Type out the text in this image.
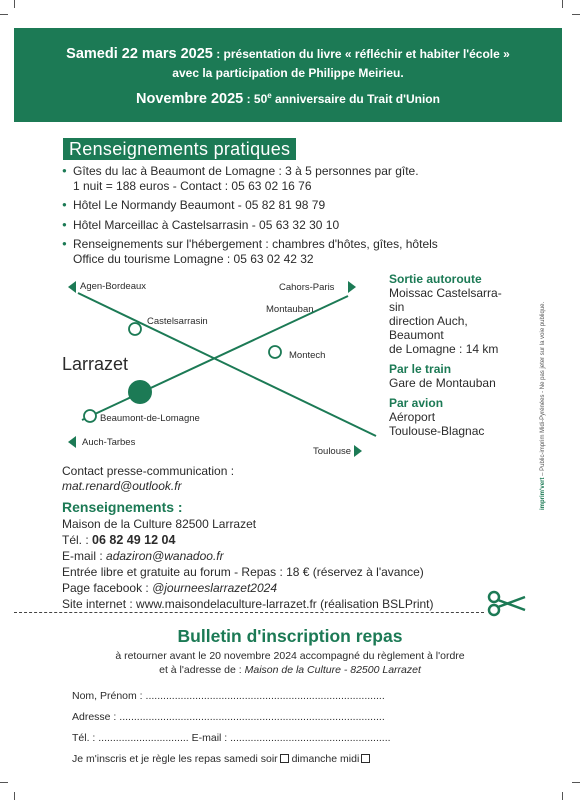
Samedi 22 mars 2025 : présentation du livre « réfléchir et habiter l'école »
avec la participation de Philippe Meirieu.
Novembre 2025 : 50e anniversaire du Trait d'Union
Renseignements pratiques
● Gîtes du lac à Beaumont de Lomagne : 3 à 5 personnes par gîte.
1 nuit = 188 euros - Contact : 05 63 02 16 76
● Hôtel Le Normandy Beaumont - 05 82 81 98 79
● Hôtel Marceillac à Castelsarrasin - 05 63 32 30 10
● Renseignements sur l'hébergement : chambres d'hôtes, gîtes, hôtels
Office du tourisme Lomagne : 05 63 02 42 32
Agen-Bordeaux	Cahors-Paris
Montauban
Castelsarrasin
Montech
Larrazet
Beaumont-de-Lomagne
Auch-Tarbes
Toulouse
Sortie autoroute
Moissac Castelsarra-
sin
direction Auch,
Beaumont
de Lomagne : 14 km
Par le train
Gare de Montauban
Par avion
Aéroport
Toulouse-Blagnac
imprim'vert – Public-imprim Midi-Pyrénées - Ne pas jeter sur la voie publique.
Contact presse-communication :
mat.renard@outlook.fr
Renseignements :
Maison de la Culture 82500 Larrazet
Tél. : 06 82 49 12 04
E-mail : adaziron@wanadoo.fr
Entrée libre et gratuite au forum - Repas : 18 € (réservez à l'avance)
Page facebook : @journeeslarrazet2024
Site internet : www.maisondelaculture-larrazet.fr (réalisation BSLPrint)
Bulletin d'inscription repas
à retourner avant le 20 novembre 2024 accompagné du règlement à l'ordre
et à l'adresse de : Maison de la Culture - 82500 Larrazet
Nom, Prénom : ..................................................................................
Adresse : ...........................................................................................
Tél. : ............................... E-mail : .......................................................
Je m'inscris et je règle les repas samedi soir dimanche midi
